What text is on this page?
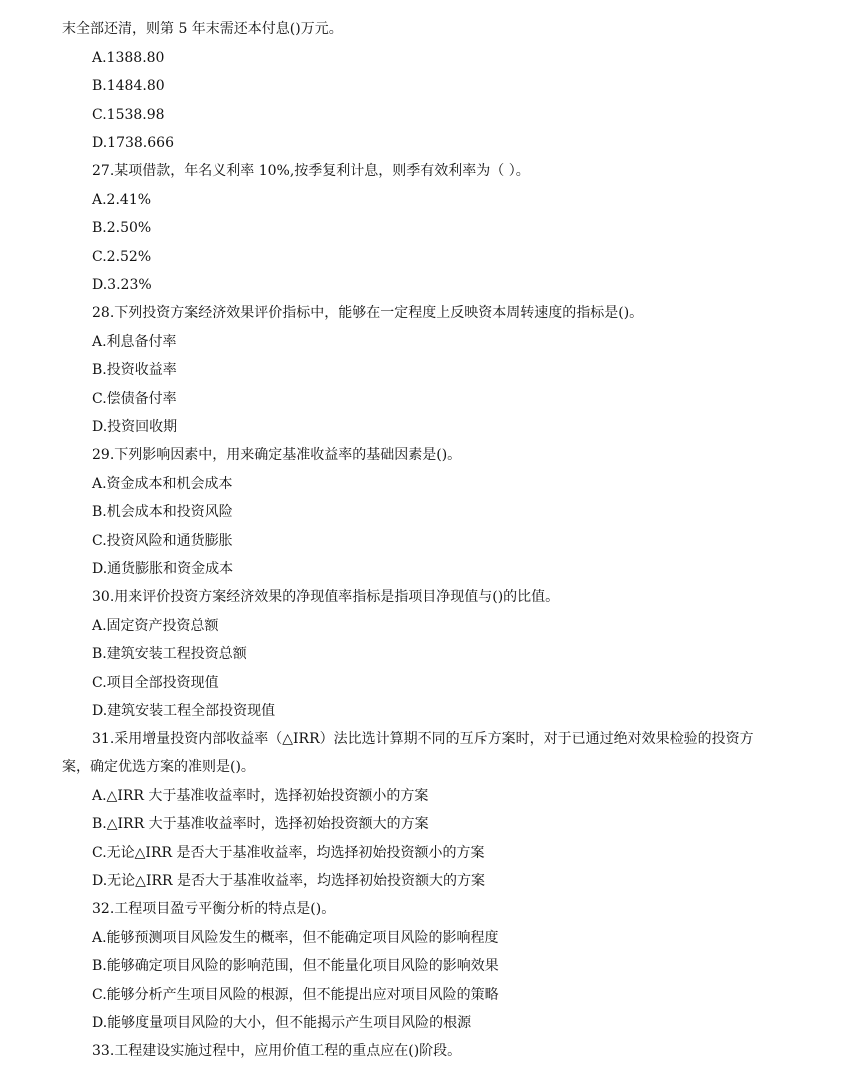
末全部还清，则第 5 年末需还本付息()万元。
A.1388.80
B.1484.80
C.1538.98
D.1738.666
27.某项借款，年名义利率 10%,按季复利计息，则季有效利率为（ ）。
A.2.41%
B.2.50%
C.2.52%
D.3.23%
28.下列投资方案经济效果评价指标中，能够在一定程度上反映资本周转速度的指标是()。
A.利息备付率
B.投资收益率
C.偿债备付率
D.投资回收期
29.下列影响因素中，用来确定基准收益率的基础因素是()。
A.资金成本和机会成本
B.机会成本和投资风险
C.投资风险和通货膨胀
D.通货膨胀和资金成本
30.用来评价投资方案经济效果的净现值率指标是指项目净现值与()的比值。
A.固定资产投资总额
B.建筑安装工程投资总额
C.项目全部投资现值
D.建筑安装工程全部投资现值
31.采用增量投资内部收益率（△IRR）法比选计算期不同的互斥方案时，对于已通过绝对效果检验的投资方
案，确定优选方案的准则是()。
A.△IRR 大于基准收益率时，选择初始投资额小的方案
B.△IRR 大于基准收益率时，选择初始投资额大的方案
C.无论△IRR 是否大于基准收益率，均选择初始投资额小的方案
D.无论△IRR 是否大于基准收益率，均选择初始投资额大的方案
32.工程项目盈亏平衡分析的特点是()。
A.能够预测项目风险发生的概率，但不能确定项目风险的影响程度
B.能够确定项目风险的影响范围，但不能量化项目风险的影响效果
C.能够分析产生项目风险的根源，但不能提出应对项目风险的策略
D.能够度量项目风险的大小，但不能揭示产生项目风险的根源
33.工程建设实施过程中，应用价值工程的重点应在()阶段。
